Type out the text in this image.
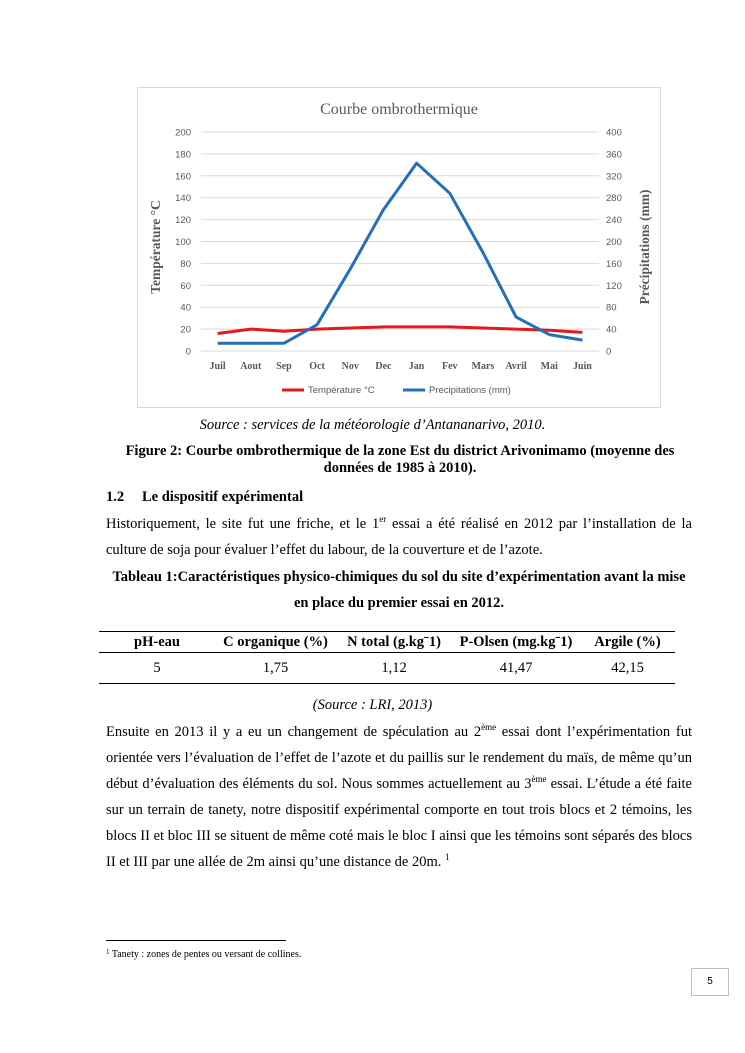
Courbe ombrothermique
0
20
40
60
80
100
120
140
160
180
200
0
40
80
120
160
200
240
280
320
360
400
Juil Aout Sep Oct Nov Dec Jan Fev Mars Avril Mai Juin
Température °C	Précipitations (mm)
Température °C	Precipitations (mm)
Source : services de la météorologie d’Antananarivo, 2010.
Figure 2: Courbe ombrothermique de la zone Est du district Arivonimamo (moyenne des données de 1985 à 2010).
1.2 Le dispositif expérimental
Historiquement, le site fut une friche, et le 1er essai a été réalisé en 2012 par l’installation de la culture de soja pour évaluer l’effet du labour, de la couverture et de l’azote.
Tableau 1:Caractéristiques physico-chimiques du sol du site d’expérimentation avant la mise en place du premier essai en 2012.
pH-eau	C organique (%)	N total (g.kgˉ1)	P-Olsen (mg.kgˉ1)	Argile (%)
5	1,75	1,12	41,47	42,15
(Source : LRI, 2013)
Ensuite en 2013 il y a eu un changement de spéculation au 2ème essai dont l’expérimentation fut orientée vers l’évaluation de l’effet de l’azote et du paillis sur le rendement du maïs, de même qu’un début d’évaluation des éléments du sol. Nous sommes actuellement au 3ème essai. L’étude a été faite sur un terrain de tanety, notre dispositif expérimental comporte en tout trois blocs et 2 témoins, les blocs II et bloc III se situent de même coté mais le bloc I ainsi que les témoins sont séparés des blocs II et III par une allée de 2m ainsi qu’une distance de 20m. $^1$
$^1$ Tanety : zones de pentes ou versant de collines.
5
